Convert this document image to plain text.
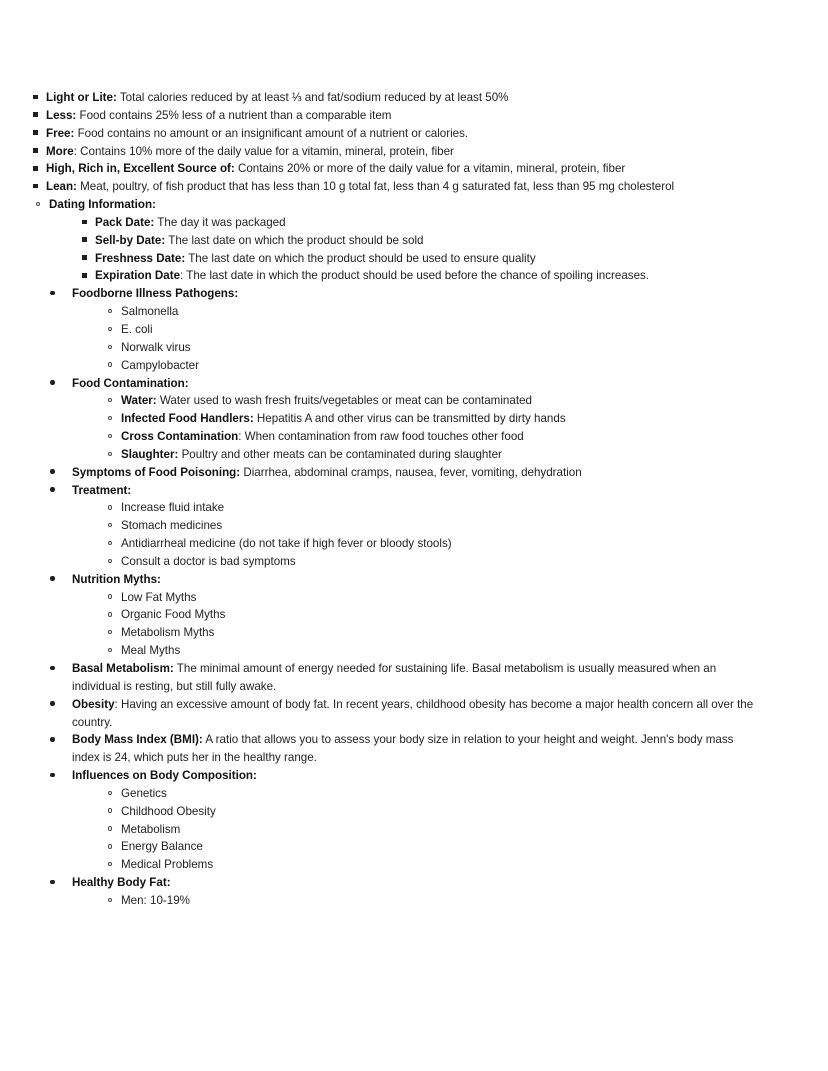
Light or Lite: Total calories reduced by at least ⅓ and fat/sodium reduced by at least 50%
Less: Food contains 25% less of a nutrient than a comparable item
Free: Food contains no amount or an insignificant amount of a nutrient or calories.
More: Contains 10% more of the daily value for a vitamin, mineral, protein, fiber
High, Rich in, Excellent Source of: Contains 20% or more of the daily value for a vitamin, mineral, protein, fiber
Lean: Meat, poultry, of fish product that has less than 10 g total fat, less than 4 g saturated fat, less than 95 mg cholesterol
Dating Information:
Pack Date: The day it was packaged
Sell-by Date: The last date on which the product should be sold
Freshness Date: The last date on which the product should be used to ensure quality
Expiration Date: The last date in which the product should be used before the chance of spoiling increases.
Foodborne Illness Pathogens:
Salmonella
E. coli
Norwalk virus
Campylobacter
Food Contamination:
Water: Water used to wash fresh fruits/vegetables or meat can be contaminated
Infected Food Handlers: Hepatitis A and other virus can be transmitted by dirty hands
Cross Contamination: When contamination from raw food touches other food
Slaughter: Poultry and other meats can be contaminated during slaughter
Symptoms of Food Poisoning: Diarrhea, abdominal cramps, nausea, fever, vomiting, dehydration
Treatment:
Increase fluid intake
Stomach medicines
Antidiarrheal medicine (do not take if high fever or bloody stools)
Consult a doctor is bad symptoms
Nutrition Myths:
Low Fat Myths
Organic Food Myths
Metabolism Myths
Meal Myths
Basal Metabolism: The minimal amount of energy needed for sustaining life. Basal metabolism is usually measured when an individual is resting, but still fully awake.
Obesity: Having an excessive amount of body fat. In recent years, childhood obesity has become a major health concern all over the country.
Body Mass Index (BMI): A ratio that allows you to assess your body size in relation to your height and weight. Jenn's body mass index is 24, which puts her in the healthy range.
Influences on Body Composition:
Genetics
Childhood Obesity
Metabolism
Energy Balance
Medical Problems
Healthy Body Fat:
Men: 10-19%
